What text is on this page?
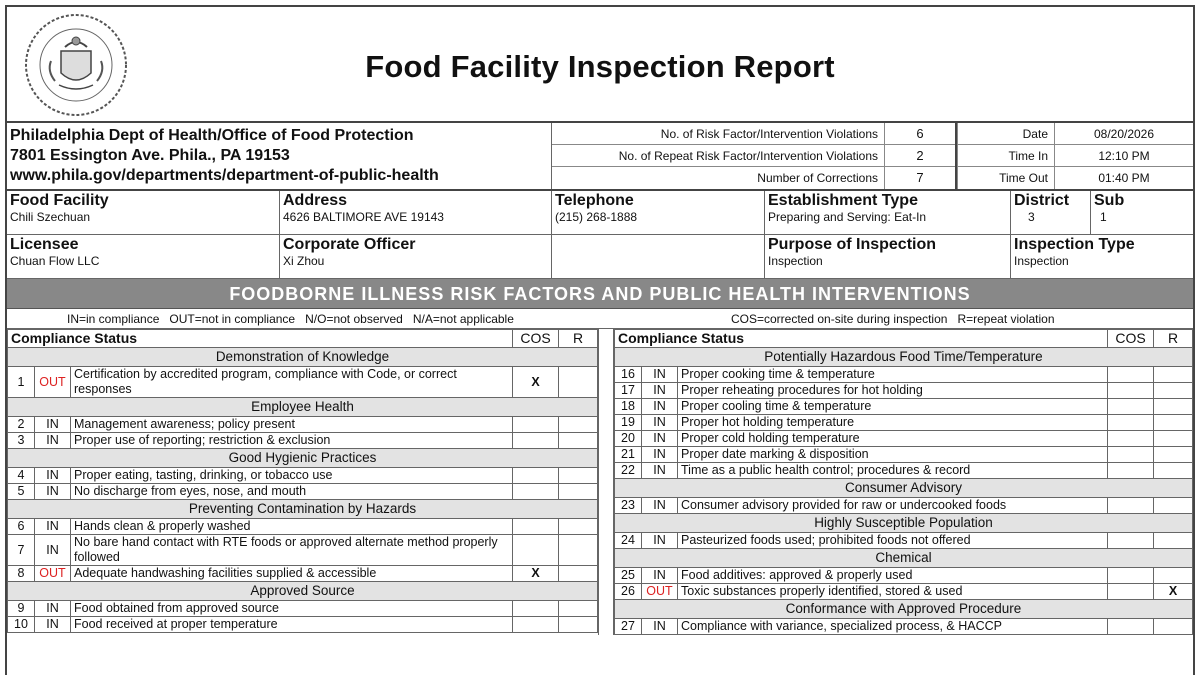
Food Facility Inspection Report
Philadelphia Dept of Health/Office of Food Protection
7801 Essington Ave. Phila., PA 19153
www.phila.gov/departments/department-of-public-health
No. of Risk Factor/Intervention Violations	6
No. of Repeat Risk Factor/Intervention Violations	2
Number of Corrections	7
Date	08/20/2026
Time In	12:10 PM
Time Out	01:40 PM
Food Facility
Chili Szechuan
Address
4626 BALTIMORE AVE 19143
Telephone
(215) 268-1888
Establishment Type
Preparing and Serving: Eat-In
District
3
Sub
1
Licensee
Chuan Flow LLC
Corporate Officer
Xi Zhou
Purpose of Inspection
Inspection
Inspection Type
Inspection
FOODBORNE ILLNESS RISK FACTORS AND PUBLIC HEALTH INTERVENTIONS
IN=in compliance   OUT=not in compliance   N/O=not observed   N/A=not applicable	COS=corrected on-site during inspection   R=repeat violation
Compliance Status			COS	R
Demonstration of Knowledge				
1	OUT	Certification by accredited program, compliance with Code, or correct responses	X	
Employee Health				
2	IN	Management awareness; policy present		
3	IN	Proper use of reporting; restriction & exclusion		
Good Hygienic Practices				
4	IN	Proper eating, tasting, drinking, or tobacco use		
5	IN	No discharge from eyes, nose, and mouth		
Preventing Contamination by Hazards				
6	IN	Hands clean & properly washed		
7	IN	No bare hand contact with RTE foods or approved alternate method properly followed		
8	OUT	Adequate handwashing facilities supplied & accessible	X	
Approved Source				
9	IN	Food obtained from approved source		
10	IN	Food received at proper temperature		
Compliance Status			COS	R
Potentially Hazardous Food Time/Temperature				
16	IN	Proper cooking time & temperature		
17	IN	Proper reheating procedures for hot holding		
18	IN	Proper cooling time & temperature		
19	IN	Proper hot holding temperature		
20	IN	Proper cold holding temperature		
21	IN	Proper date marking & disposition		
22	IN	Time as a public health control; procedures & record		
Consumer Advisory				
23	IN	Consumer advisory provided for raw or undercooked foods		
Highly Susceptible Population				
24	IN	Pasteurized foods used; prohibited foods not offered		
Chemical				
25	IN	Food additives: approved & properly used		
26	OUT	Toxic substances properly identified, stored & used		X
Conformance with Approved Procedure				
27	IN	Compliance with variance, specialized process, & HACCP		
